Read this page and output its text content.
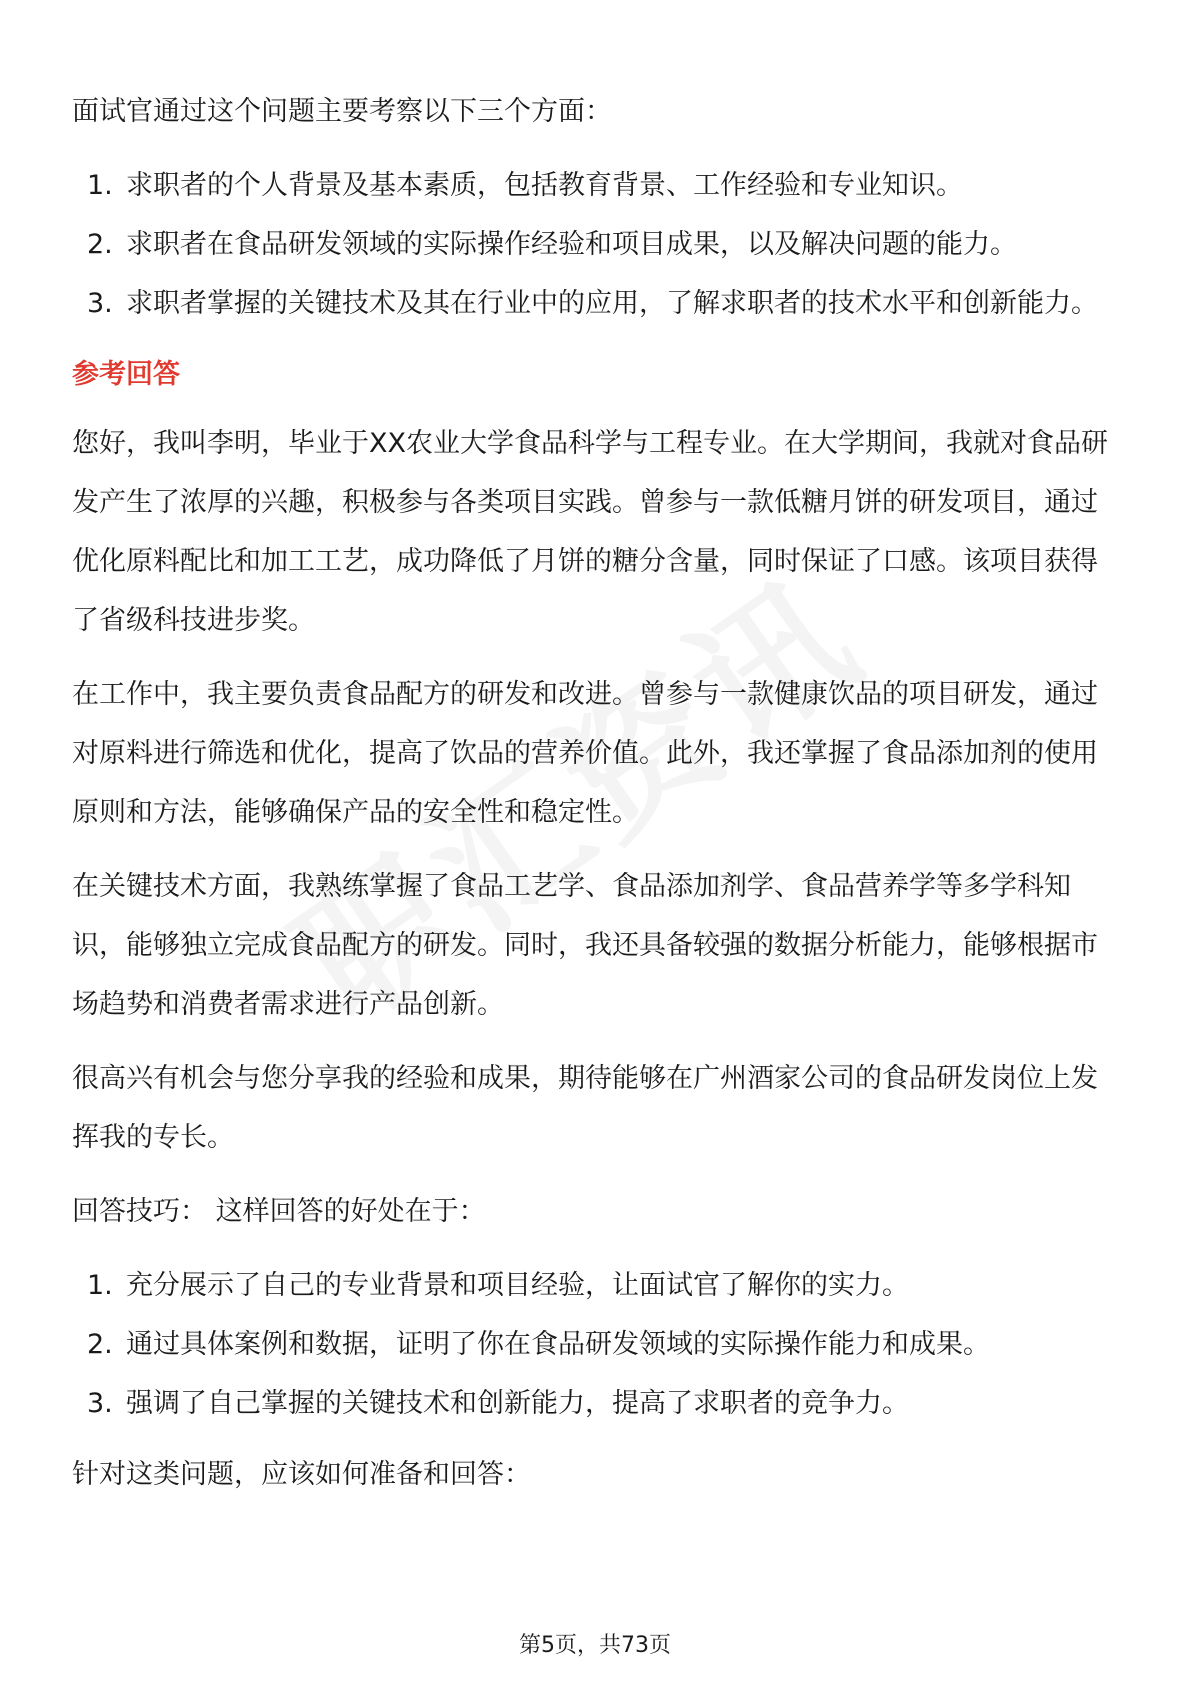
面试官通过这个问题主要考察以下三个方面：

1. 求职者的个人背景及基本素质，包括教育背景、工作经验和专业知识。
2. 求职者在食品研发领域的实际操作经验和项目成果，以及解决问题的能力。
3. 求职者掌握的关键技术及其在行业中的应用，了解求职者的技术水平和创新能力。

参考回答

您好，我叫李明，毕业于XX农业大学食品科学与工程专业。在大学期间，我就对食品研发产生了浓厚的兴趣，积极参与各类项目实践。曾参与一款低糖月饼的研发项目，通过优化原料配比和加工工艺，成功降低了月饼的糖分含量，同时保证了口感。该项目获得了省级科技进步奖。

在工作中，我主要负责食品配方的研发和改进。曾参与一款健康饮品的项目研发，通过对原料进行筛选和优化，提高了饮品的营养价值。此外，我还掌握了食品添加剂的使用原则和方法，能够确保产品的安全性和稳定性。

在关键技术方面，我熟练掌握了食品工艺学、食品添加剂学、食品营养学等多学科知识，能够独立完成食品配方的研发。同时，我还具备较强的数据分析能力，能够根据市场趋势和消费者需求进行产品创新。

很高兴有机会与您分享我的经验和成果，期待能够在广州酒家公司的食品研发岗位上发挥我的专长。

回答技巧： 这样回答的好处在于：

1. 充分展示了自己的专业背景和项目经验，让面试官了解你的实力。
2. 通过具体案例和数据，证明了你在食品研发领域的实际操作能力和成果。
3. 强调了自己掌握的关键技术和创新能力，提高了求职者的竞争力。

针对这类问题，应该如何准备和回答：

第5页，共73页
